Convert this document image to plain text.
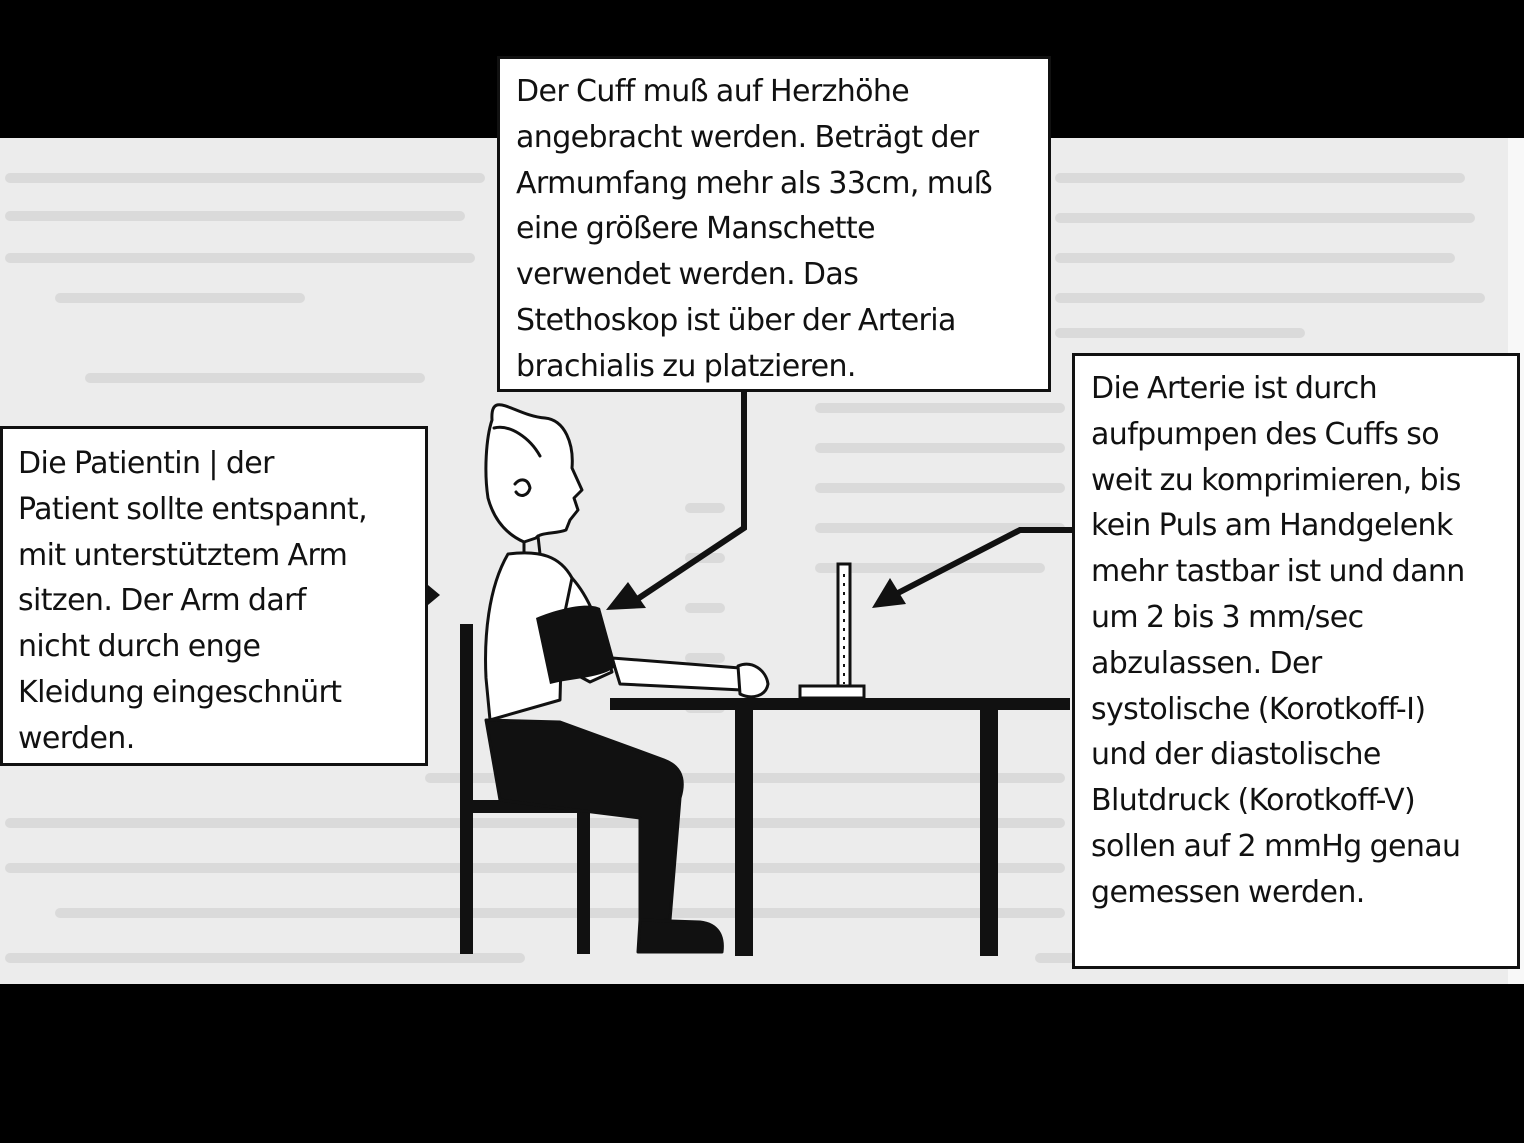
Der Cuff muß auf Herzhöhe
angebracht werden. Beträgt der
Armumfang mehr als 33cm, muß
eine größere Manschette
verwendet werden. Das
Stethoskop ist über der Arteria
brachialis zu platzieren.
Die Patientin | der
Patient sollte entspannt,
mit unterstütztem Arm
sitzen. Der Arm darf
nicht durch enge
Kleidung eingeschnürt
werden.
Die Arterie ist durch
aufpumpen des Cuffs so
weit zu komprimieren, bis
kein Puls am Handgelenk
mehr tastbar ist und dann
um 2 bis 3 mm/sec
abzulassen. Der
systolische (Korotkoff-I)
und der diastolische
Blutdruck (Korotkoff-V)
sollen auf 2 mmHg genau
gemessen werden.
